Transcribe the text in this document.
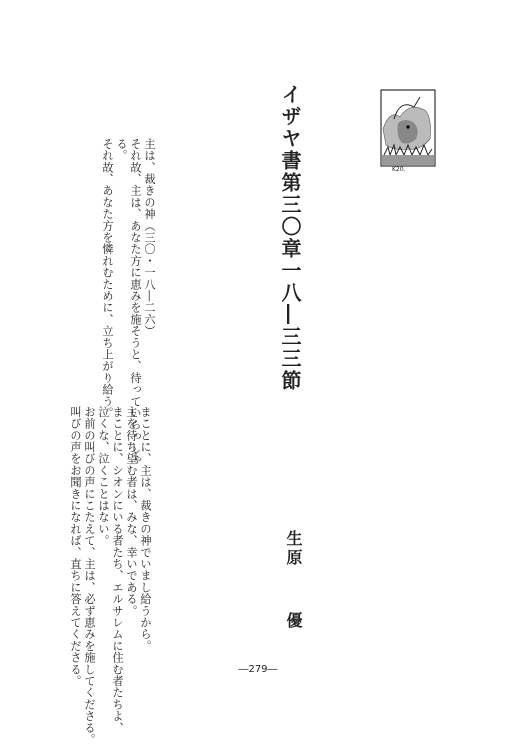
イザヤ書第三〇章一八―三三節
生原優
K20.
主は、裁きの神（三〇・一八―二六）
それ故、主は、あなた方に恵みを施そうと、待っていらっしゃ
る。
それ故、あなた方を憐れむために、立ち上がり給う。
まことに、主は、裁きの神でいまし給うから。
主を待ち望む者は、みな、幸いである。
まことに、シオンにいる者たち、エルサレムに住む者たちよ、
泣くな、泣くことはない。
お前の叫びの声にこたえて、主は、必ず恵みを施してくださる。
叫びの声をお聞きになれば、直ちに答えてくださる。	―279―
